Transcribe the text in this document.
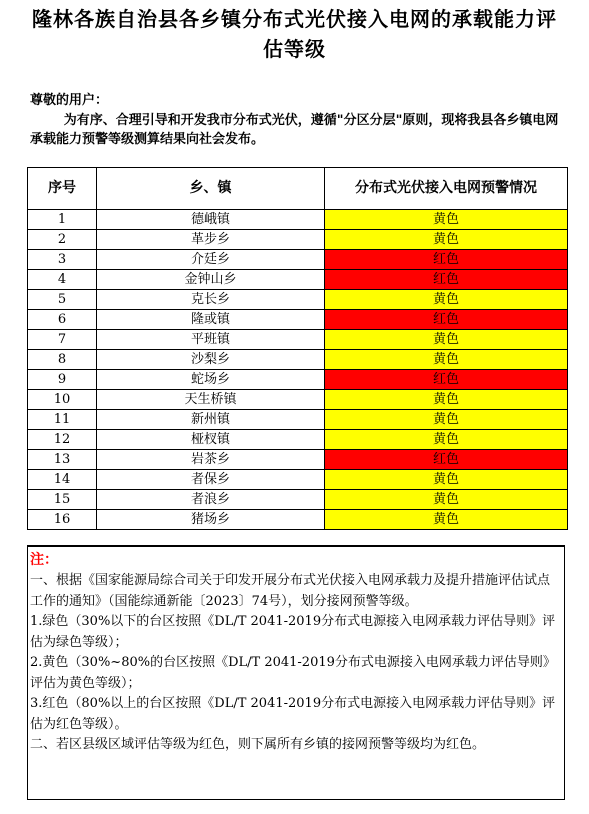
隆林各族自治县各乡镇分布式光伏接入电网的承载能力评
估等级
尊敬的用户：
为有序、合理引导和开发我市分布式光伏，遵循"分区分层"原则，现将我县各乡镇电网承载能力预警等级测算结果向社会发布。
序号	乡、镇	分布式光伏接入电网预警情况
1	德峨镇	黄色
2	革步乡	黄色
3	介廷乡	红色
4	金钟山乡	红色
5	克长乡	黄色
6	隆或镇	红色
7	平班镇	黄色
8	沙梨乡	黄色
9	蛇场乡	红色
10	天生桥镇	黄色
11	新州镇	黄色
12	桠杈镇	黄色
13	岩茶乡	红色
14	者保乡	黄色
15	者浪乡	黄色
16	猪场乡	黄色
注：

一、根据《国家能源局综合司关于印发开展分布式光伏接入电网承载力及提升措施评估试点工作的通知》（国能综通新能〔2023〕74号），划分接网预警等级。

1.绿色（30%以下的台区按照《DL/T 2041-2019分布式电源接入电网承载力评估导则》评估为绿色等级）；

2.黄色（30%~80%的台区按照《DL/T 2041-2019分布式电源接入电网承载力评估导则》评估为黄色等级）；

3.红色（80%以上的台区按照《DL/T 2041-2019分布式电源接入电网承载力评估导则》评估为红色等级）。

二、若区县级区域评估等级为红色，则下属所有乡镇的接网预警等级均为红色。
